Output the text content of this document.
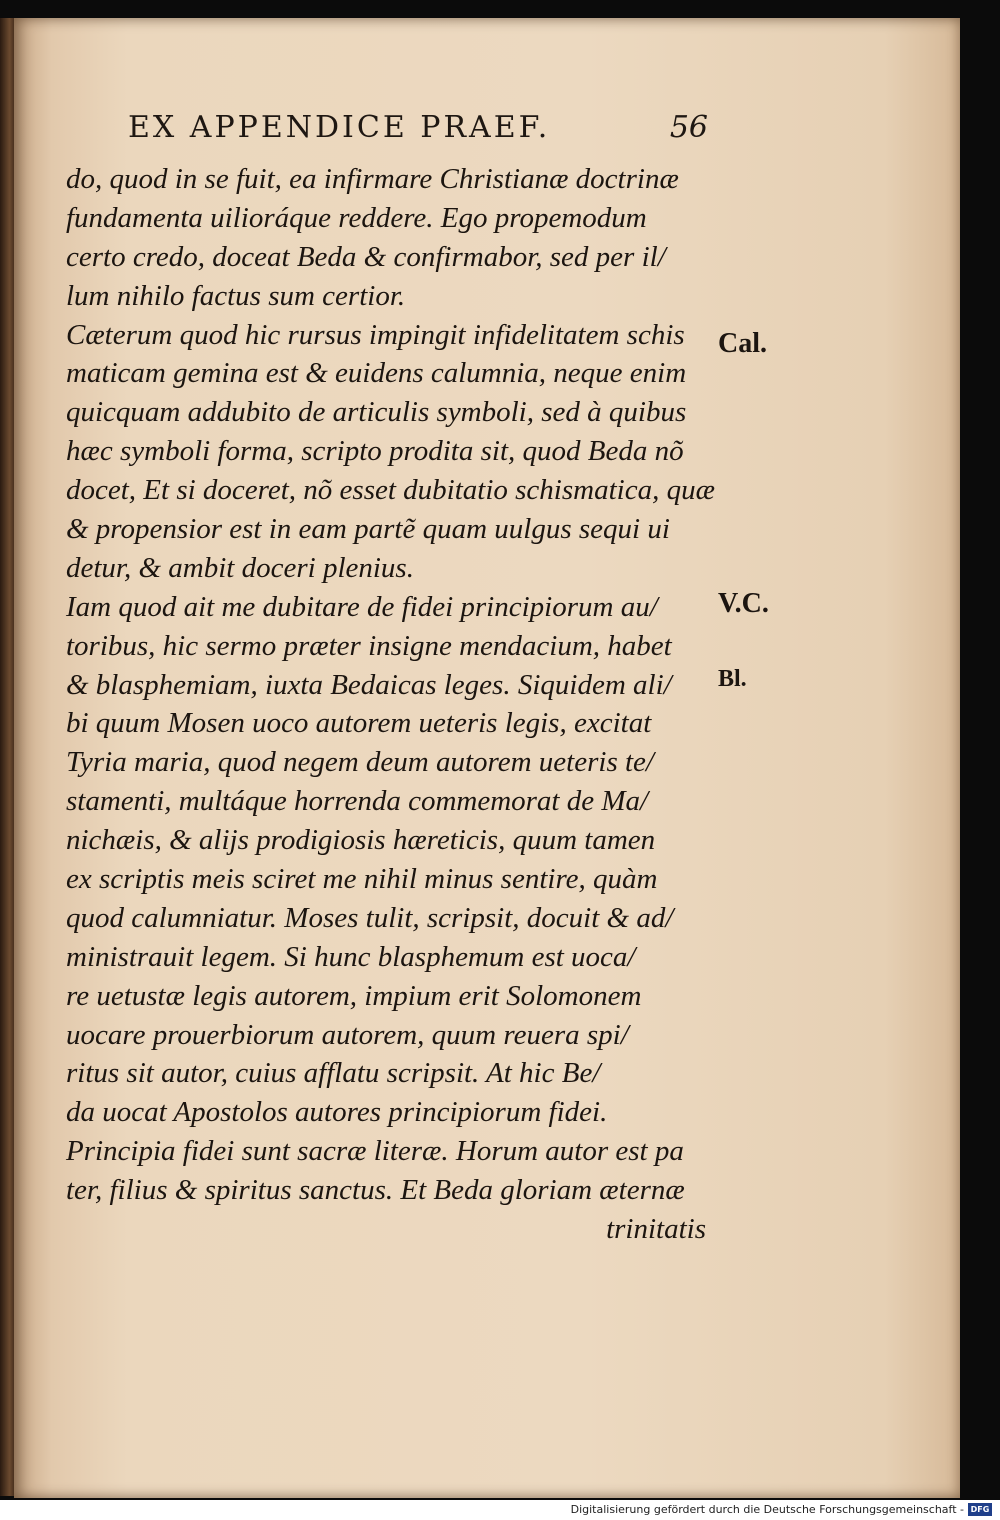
EX APPENDICE PRAEF.	56
do, quod in se fuit, ea infirmare Christianæ doctrinæ
fundamenta uilioráque reddere. Ego propemodum
certo credo, doceat Beda & confirmabor, sed per il/
lum nihilo factus sum certior.
Cæterum quod hic rursus impingit infidelitatem schis
maticam gemina est & euidens calumnia, neque enim
quicquam addubito de articulis symboli, sed à quibus
hæc symboli forma, scripto prodita sit, quod Beda nõ
docet, Et si doceret, nõ esset dubitatio schismatica, quæ
& propensior est in eam partẽ quam uulgus sequi ui
detur, & ambit doceri plenius.
Iam quod ait me dubitare de fidei principiorum au/
toribus, hic sermo præter insigne mendacium, habet
& blasphemiam, iuxta Bedaicas leges. Siquidem ali/
bi quum Mosen uoco autorem ueteris legis, excitat
Tyria maria, quod negem deum autorem ueteris te/
stamenti, multáque horrenda commemorat de Ma/
nichæis, & alijs prodigiosis hæreticis, quum tamen
ex scriptis meis sciret me nihil minus sentire, quàm
quod calumniatur. Moses tulit, scripsit, docuit & ad/
ministrauit legem. Si hunc blasphemum est uoca/
re uetustæ legis autorem, impium erit Solomonem
uocare prouerbiorum autorem, quum reuera spi/
ritus sit autor, cuius afflatu scripsit. At hic Be/
da uocat Apostolos autores principiorum fidei.
Principia fidei sunt sacræ literæ. Horum autor est pa
ter, filius & spiritus sanctus. Et Beda gloriam æternæ
trinitatis
Cal.
V.C.
Bl.
Digitalisierung gefördert durch die Deutsche Forschungsgemeinschaft - DFG
